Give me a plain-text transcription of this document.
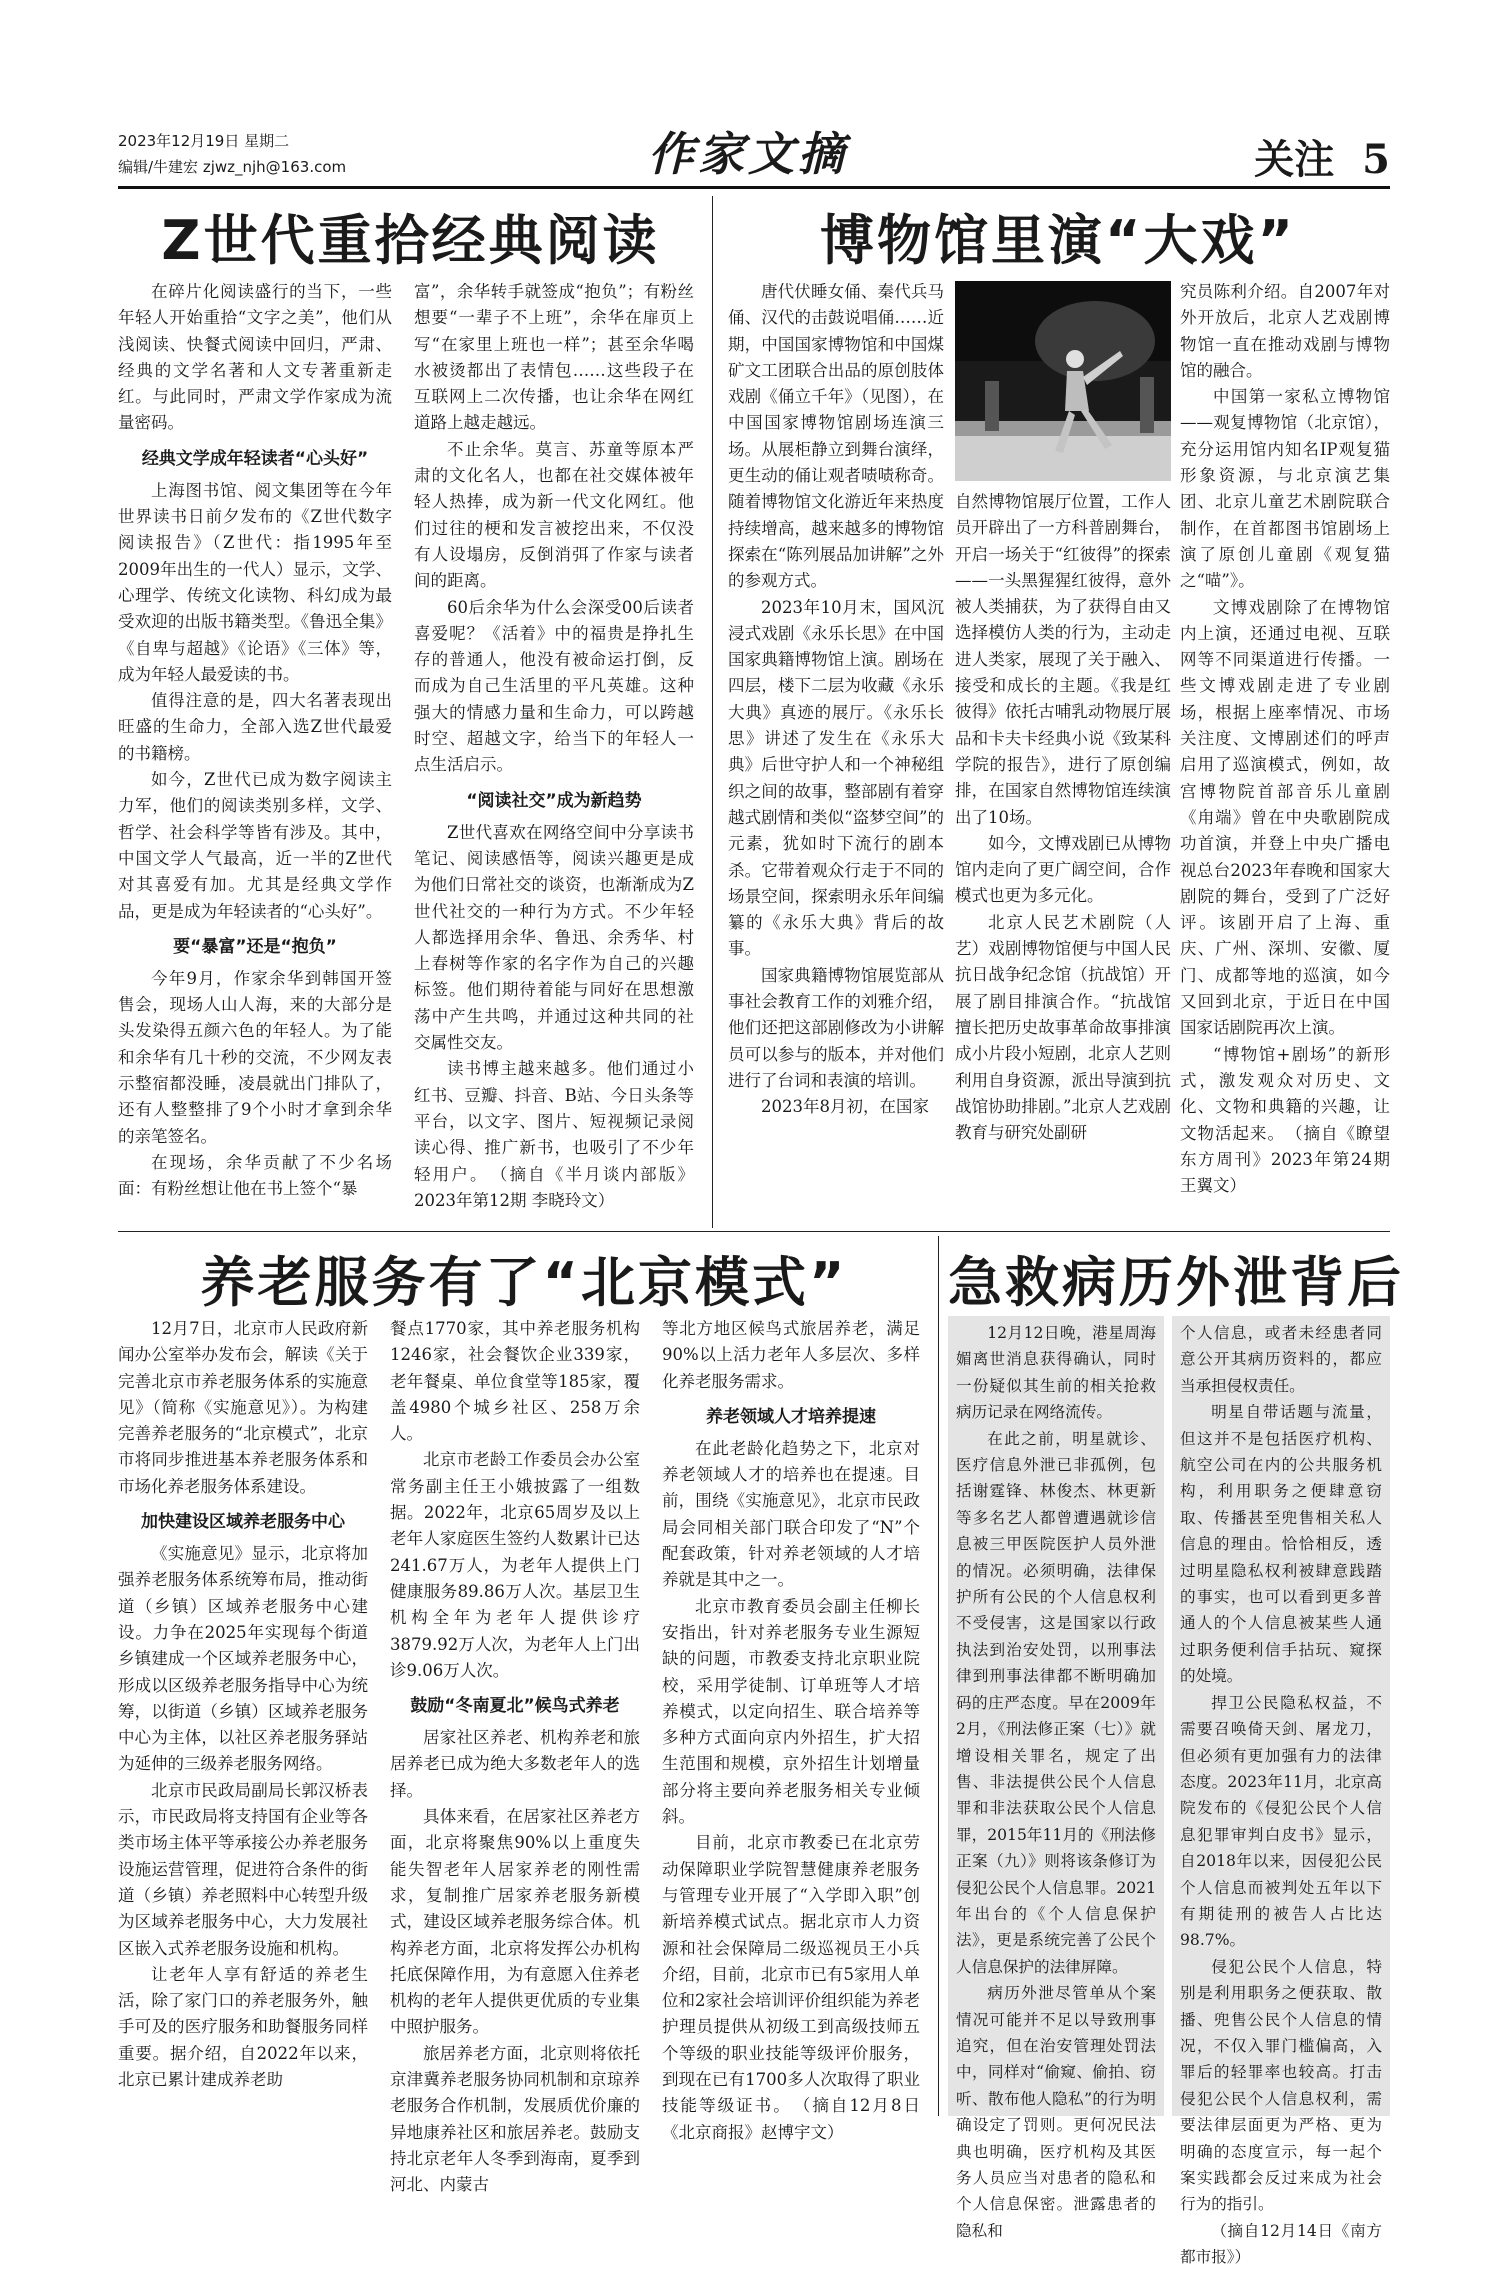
2023年12月19日 星期二
编辑/牛建宏 zjwz_njh@163.com	作家文摘	关注 5
Z世代重拾经典阅读

在碎片化阅读盛行的当下，一些年轻人开始重拾“文字之美”，他们从浅阅读、快餐式阅读中回归，严肃、经典的文学名著和人文专著重新走红。与此同时，严肃文学作家成为流量密码。

经典文学成年轻读者“心头好”

上海图书馆、阅文集团等在今年世界读书日前夕发布的《Z世代数字阅读报告》（Z世代：指1995年至2009年出生的一代人）显示，文学、心理学、传统文化读物、科幻成为最受欢迎的出版书籍类型。《鲁迅全集》《自卑与超越》《论语》《三体》等，成为年轻人最爱读的书。

值得注意的是，四大名著表现出旺盛的生命力，全部入选Z世代最爱的书籍榜。

如今，Z世代已成为数字阅读主力军，他们的阅读类别多样，文学、哲学、社会科学等皆有涉及。其中，中国文学人气最高，近一半的Z世代对其喜爱有加。尤其是经典文学作品，更是成为年轻读者的“心头好”。

要“暴富”还是“抱负”

今年9月，作家余华到韩国开签售会，现场人山人海，来的大部分是头发染得五颜六色的年轻人。为了能和余华有几十秒的交流，不少网友表示整宿都没睡，凌晨就出门排队了，还有人整整排了9个小时才拿到余华的亲笔签名。

在现场，余华贡献了不少名场面：有粉丝想让他在书上签个“暴

富”，余华转手就签成“抱负”；有粉丝想要“一辈子不上班”，余华在扉页上写“在家里上班也一样”；甚至余华喝水被烫都出了表情包……这些段子在互联网上二次传播，也让余华在网红道路上越走越远。

不止余华。莫言、苏童等原本严肃的文化名人，也都在社交媒体被年轻人热捧，成为新一代文化网红。他们过往的梗和发言被挖出来，不仅没有人设塌房，反倒消弭了作家与读者间的距离。

60后余华为什么会深受00后读者喜爱呢？《活着》中的福贵是挣扎生存的普通人，他没有被命运打倒，反而成为自己生活里的平凡英雄。这种强大的情感力量和生命力，可以跨越时空、超越文字，给当下的年轻人一点生活启示。

“阅读社交”成为新趋势

Z世代喜欢在网络空间中分享读书笔记、阅读感悟等，阅读兴趣更是成为他们日常社交的谈资，也渐渐成为Z世代社交的一种行为方式。不少年轻人都选择用余华、鲁迅、余秀华、村上春树等作家的名字作为自己的兴趣标签。他们期待着能与同好在思想激荡中产生共鸣，并通过这种共同的社交属性交友。

读书博主越来越多。他们通过小红书、豆瓣、抖音、B站、今日头条等平台，以文字、图片、短视频记录阅读心得、推广新书，也吸引了不少年轻用户。　（摘自《半月谈内部版》2023年第12期 李晓玲文）

博物馆里演“大戏”

唐代伏睡女俑、秦代兵马俑、汉代的击鼓说唱俑……近期，中国国家博物馆和中国煤矿文工团联合出品的原创肢体戏剧《俑立千年》（见图），在中国国家博物馆剧场连演三场。从展柜静立到舞台演绎，更生动的俑让观者啧啧称奇。随着博物馆文化游近年来热度持续增高，越来越多的博物馆探索在“陈列展品加讲解”之外的参观方式。

2023年10月末，国风沉浸式戏剧《永乐长思》在中国国家典籍博物馆上演。剧场在四层，楼下二层为收藏《永乐大典》真迹的展厅。《永乐长思》讲述了发生在《永乐大典》后世守护人和一个神秘组织之间的故事，整部剧有着穿越式剧情和类似“盗梦空间”的元素，犹如时下流行的剧本杀。它带着观众行走于不同的场景空间，探索明永乐年间编纂的《永乐大典》背后的故事。

国家典籍博物馆展览部从事社会教育工作的刘雅介绍，他们还把这部剧修改为小讲解员可以参与的版本，并对他们进行了台词和表演的培训。

2023年8月初，在国家

自然博物馆展厅位置，工作人员开辟出了一方科普剧舞台，开启一场关于“红彼得”的探索——一头黑猩猩红彼得，意外被人类捕获，为了获得自由又选择模仿人类的行为，主动走进人类家，展现了关于融入、接受和成长的主题。《我是红彼得》依托古哺乳动物展厅展品和卡夫卡经典小说《致某科学院的报告》，进行了原创编排，在国家自然博物馆连续演出了10场。

如今，文博戏剧已从博物馆内走向了更广阔空间，合作模式也更为多元化。

北京人民艺术剧院（人艺）戏剧博物馆便与中国人民抗日战争纪念馆（抗战馆）开展了剧目排演合作。“抗战馆擅长把历史故事革命故事排演成小片段小短剧，北京人艺则利用自身资源，派出导演到抗战馆协助排剧。”北京人艺戏剧教育与研究处副研

究员陈利介绍。自2007年对外开放后，北京人艺戏剧博物馆一直在推动戏剧与博物馆的融合。

中国第一家私立博物馆——观复博物馆（北京馆），充分运用馆内知名IP观复猫形象资源，与北京演艺集团、北京儿童艺术剧院联合制作，在首都图书馆剧场上演了原创儿童剧《观复猫之“喵”》。

文博戏剧除了在博物馆内上演，还通过电视、互联网等不同渠道进行传播。一些文博戏剧走进了专业剧场，根据上座率情况、市场关注度、文博剧述们的呼声启用了巡演模式，例如，故宫博物院首部音乐儿童剧《甪端》曾在中央歌剧院成功首演，并登上中央广播电视总台2023年春晚和国家大剧院的舞台，受到了广泛好评。该剧开启了上海、重庆、广州、深圳、安徽、厦门、成都等地的巡演，如今又回到北京，于近日在中国国家话剧院再次上演。

“博物馆+剧场”的新形式，激发观众对历史、文化、文物和典籍的兴趣，让文物活起来。　（摘自《瞭望东方周刊》2023年第24期 王翼文）

养老服务有了“北京模式”

12月7日，北京市人民政府新闻办公室举办发布会，解读《关于完善北京市养老服务体系的实施意见》（简称《实施意见》）。为构建完善养老服务的“北京模式”，北京市将同步推进基本养老服务体系和市场化养老服务体系建设。

加快建设区域养老服务中心

《实施意见》显示，北京将加强养老服务体系统筹布局，推动街道（乡镇）区域养老服务中心建设。力争在2025年实现每个街道乡镇建成一个区域养老服务中心，形成以区级养老服务指导中心为统筹，以街道（乡镇）区域养老服务中心为主体，以社区养老服务驿站为延伸的三级养老服务网络。

北京市民政局副局长郭汉桥表示，市民政局将支持国有企业等各类市场主体平等承接公办养老服务设施运营管理，促进符合条件的街道（乡镇）养老照料中心转型升级为区域养老服务中心，大力发展社区嵌入式养老服务设施和机构。

让老年人享有舒适的养老生活，除了家门口的养老服务外，触手可及的医疗服务和助餐服务同样重要。据介绍，自2022年以来，北京已累计建成养老助

餐点1770家，其中养老服务机构1246家，社会餐饮企业339家，老年餐桌、单位食堂等185家，覆盖4980个城乡社区、258万余人。

北京市老龄工作委员会办公室常务副主任王小娥披露了一组数据。2022年，北京65周岁及以上老年人家庭医生签约人数累计已达241.67万人，为老年人提供上门健康服务89.86万人次。基层卫生机构全年为老年人提供诊疗3879.92万人次，为老年人上门出诊9.06万人次。

鼓励“冬南夏北”候鸟式养老

居家社区养老、机构养老和旅居养老已成为绝大多数老年人的选择。

具体来看，在居家社区养老方面，北京将聚焦90%以上重度失能失智老年人居家养老的刚性需求，复制推广居家养老服务新模式，建设区域养老服务综合体。机构养老方面，北京将发挥公办机构托底保障作用，为有意愿入住养老机构的老年人提供更优质的专业集中照护服务。

旅居养老方面，北京则将依托京津冀养老服务协同机制和京琼养老服务合作机制，发展质优价廉的异地康养社区和旅居养老。鼓励支持北京老年人冬季到海南，夏季到河北、内蒙古

等北方地区候鸟式旅居养老，满足90%以上活力老年人多层次、多样化养老服务需求。

养老领域人才培养提速

在此老龄化趋势之下，北京对养老领域人才的培养也在提速。目前，围绕《实施意见》，北京市民政局会同相关部门联合印发了“N”个配套政策，针对养老领域的人才培养就是其中之一。

北京市教育委员会副主任柳长安指出，针对养老服务专业生源短缺的问题，市教委支持北京职业院校，采用学徒制、订单班等人才培养模式，以定向招生、联合培养等多种方式面向京内外招生，扩大招生范围和规模，京外招生计划增量部分将主要向养老服务相关专业倾斜。

目前，北京市教委已在北京劳动保障职业学院智慧健康养老服务与管理专业开展了“入学即入职”创新培养模式试点。据北京市人力资源和社会保障局二级巡视员王小兵介绍，目前，北京市已有5家用人单位和2家社会培训评价组织能为养老护理员提供从初级工到高级技师五个等级的职业技能等级评价服务，到现在已有1700多人次取得了职业技能等级证书。　（摘自12月8日《北京商报》赵博宇文）

急救病历外泄背后

12月12日晚，港星周海媚离世消息获得确认，同时一份疑似其生前的相关抢救病历记录在网络流传。

在此之前，明星就诊、医疗信息外泄已非孤例，包括谢霆锋、林俊杰、林更新等多名艺人都曾遭遇就诊信息被三甲医院医护人员外泄的情况。必须明确，法律保护所有公民的个人信息权利不受侵害，这是国家以行政执法到治安处罚，以刑事法律到刑事法律都不断明确加码的庄严态度。早在2009年2月，《刑法修正案（七）》就增设相关罪名，规定了出售、非法提供公民个人信息罪和非法获取公民个人信息罪，2015年11月的《刑法修正案（九）》则将该条修订为侵犯公民个人信息罪。2021年出台的《个人信息保护法》，更是系统完善了公民个人信息保护的法律屏障。

病历外泄尽管单从个案情况可能并不足以导致刑事追究，但在治安管理处罚法中，同样对“偷窥、偷拍、窃听、散布他人隐私”的行为明确设定了罚则。更何况民法典也明确，医疗机构及其医务人员应当对患者的隐私和个人信息保密。泄露患者的隐私和

个人信息，或者未经患者同意公开其病历资料的，都应当承担侵权责任。

明星自带话题与流量，但这并不是包括医疗机构、航空公司在内的公共服务机构，利用职务之便肆意窃取、传播甚至兜售相关私人信息的理由。恰恰相反，透过明星隐私权利被肆意践踏的事实，也可以看到更多普通人的个人信息被某些人通过职务便利信手拈玩、窥探的处境。

捍卫公民隐私权益，不需要召唤倚天剑、屠龙刀，但必须有更加强有力的法律态度。2023年11月，北京高院发布的《侵犯公民个人信息犯罪审判白皮书》显示，自2018年以来，因侵犯公民个人信息而被判处五年以下有期徒刑的被告人占比达98.7%。

侵犯公民个人信息，特别是利用职务之便获取、散播、兜售公民个人信息的情况，不仅入罪门槛偏高，入罪后的轻罪率也较高。打击侵犯公民个人信息权利，需要法律层面更为严格、更为明确的态度宣示，每一起个案实践都会反过来成为社会行为的指引。

（摘自12月14日《南方都市报》）
